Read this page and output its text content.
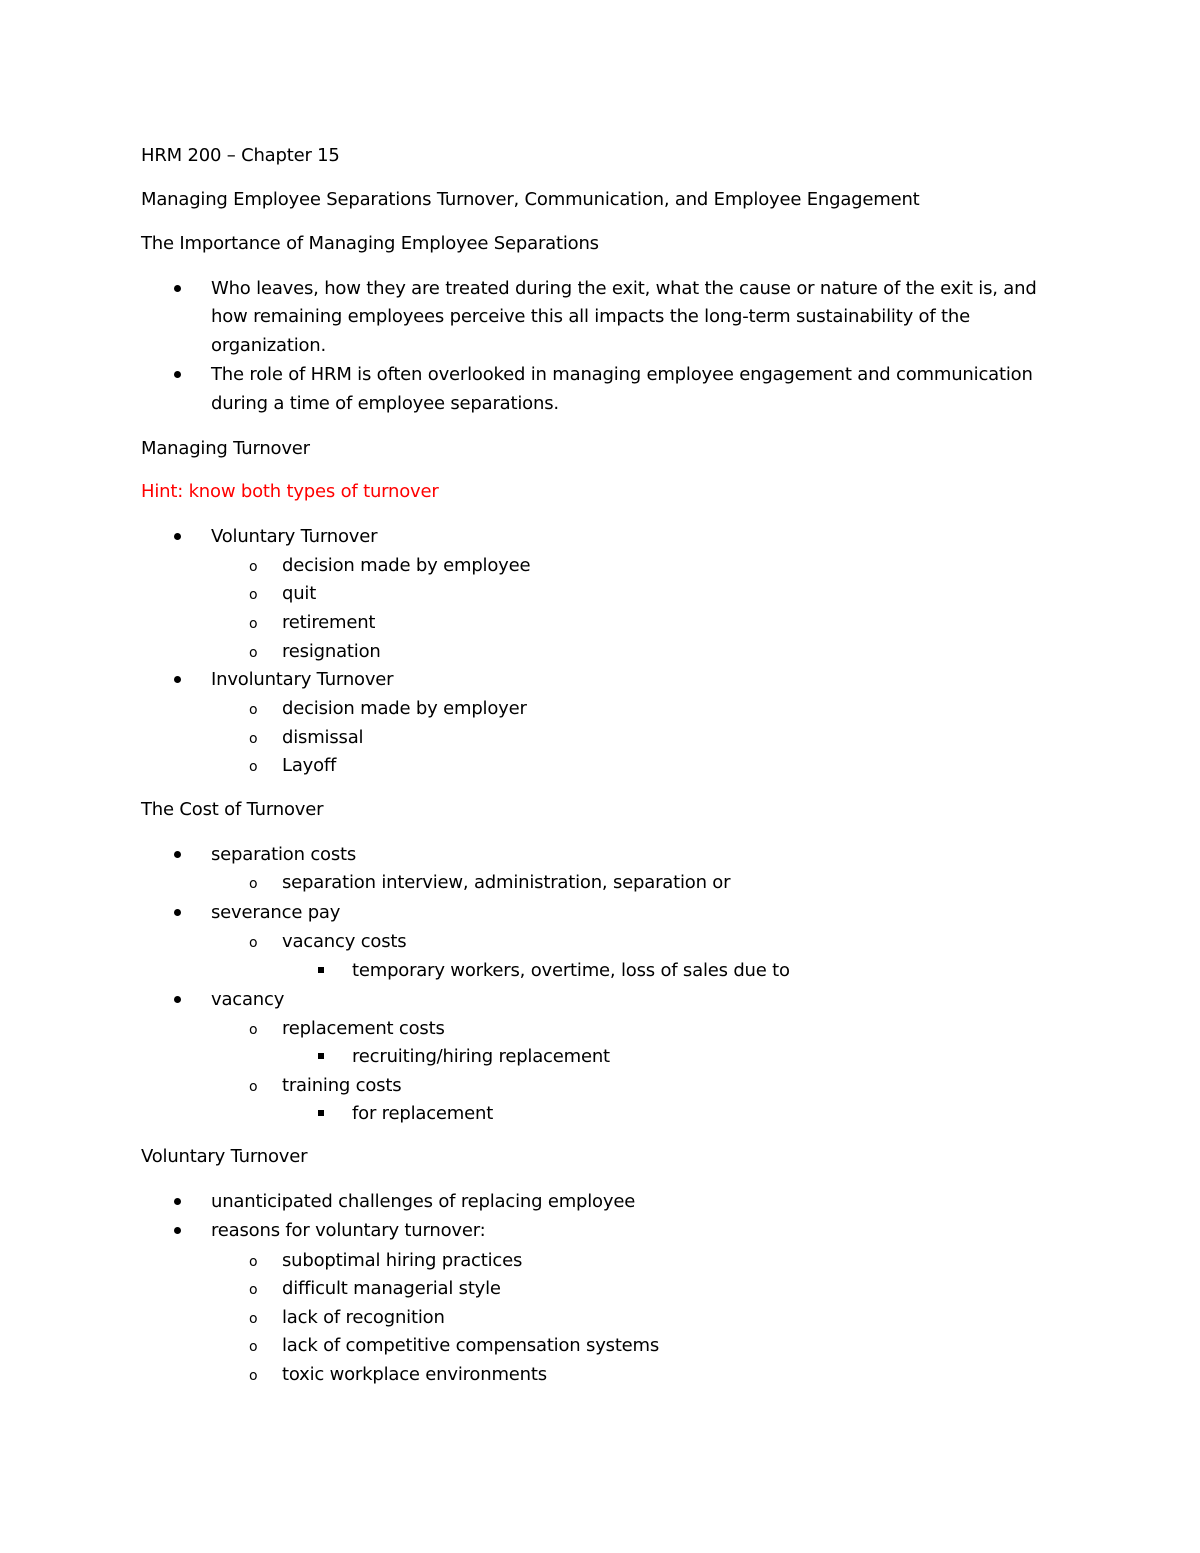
HRM 200 – Chapter 15
Managing Employee Separations Turnover, Communication, and Employee Engagement
The Importance of Managing Employee Separations
Who leaves, how they are treated during the exit, what the cause or nature of the exit is, and
how remaining employees perceive this all impacts the long-term sustainability of the
organization.
The role of HRM is often overlooked in managing employee engagement and communication
during a time of employee separations.
Managing Turnover
Hint: know both types of turnover
Voluntary Turnover
o decision made by employee
o quit
o retirement
o resignation
Involuntary Turnover
o decision made by employer
o dismissal
o Layoff
The Cost of Turnover
separation costs
o separation interview, administration, separation or
severance pay
o vacancy costs
temporary workers, overtime, loss of sales due to
vacancy
o replacement costs
recruiting/hiring replacement
o training costs
for replacement
Voluntary Turnover
unanticipated challenges of replacing employee
reasons for voluntary turnover:
o suboptimal hiring practices
o difficult managerial style
o lack of recognition
o lack of competitive compensation systems
o toxic workplace environments
